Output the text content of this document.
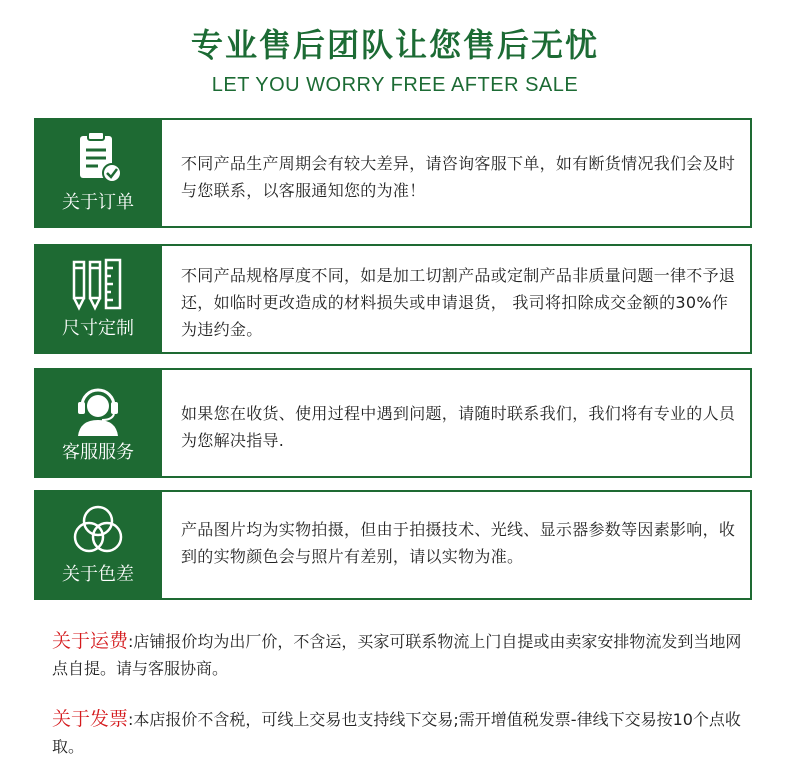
专业售后团队让您售后无忧
LET YOU WORRY FREE AFTER SALE
关于订单
不同产品生产周期会有较大差异，请咨询客服下单，如有断货情况我们会及时与您联系，以客服通知您的为准！
尺寸定制
不同产品规格厚度不同，如是加工切割产品或定制产品非质量问题一律不予退还，如临时更改造成的材料损失或申请退货， 我司将扣除成交金额的30%作为违约金。
客服服务
如果您在收货、使用过程中遇到问题，请随时联系我们，我们将有专业的人员为您解决指导.
关于色差
产品图片均为实物拍摄，但由于拍摄技术、光线、显示器参数等因素影响，收到的实物颜色会与照片有差别，请以实物为准。
关于运费:店铺报价均为出厂价，不含运，买家可联系物流上门自提或由卖家安排物流发到当地网点自提。请与客服协商。
关于发票:本店报价不含税，可线上交易也支持线下交易;需开增值税发票-律线下交易按10个点收取。
